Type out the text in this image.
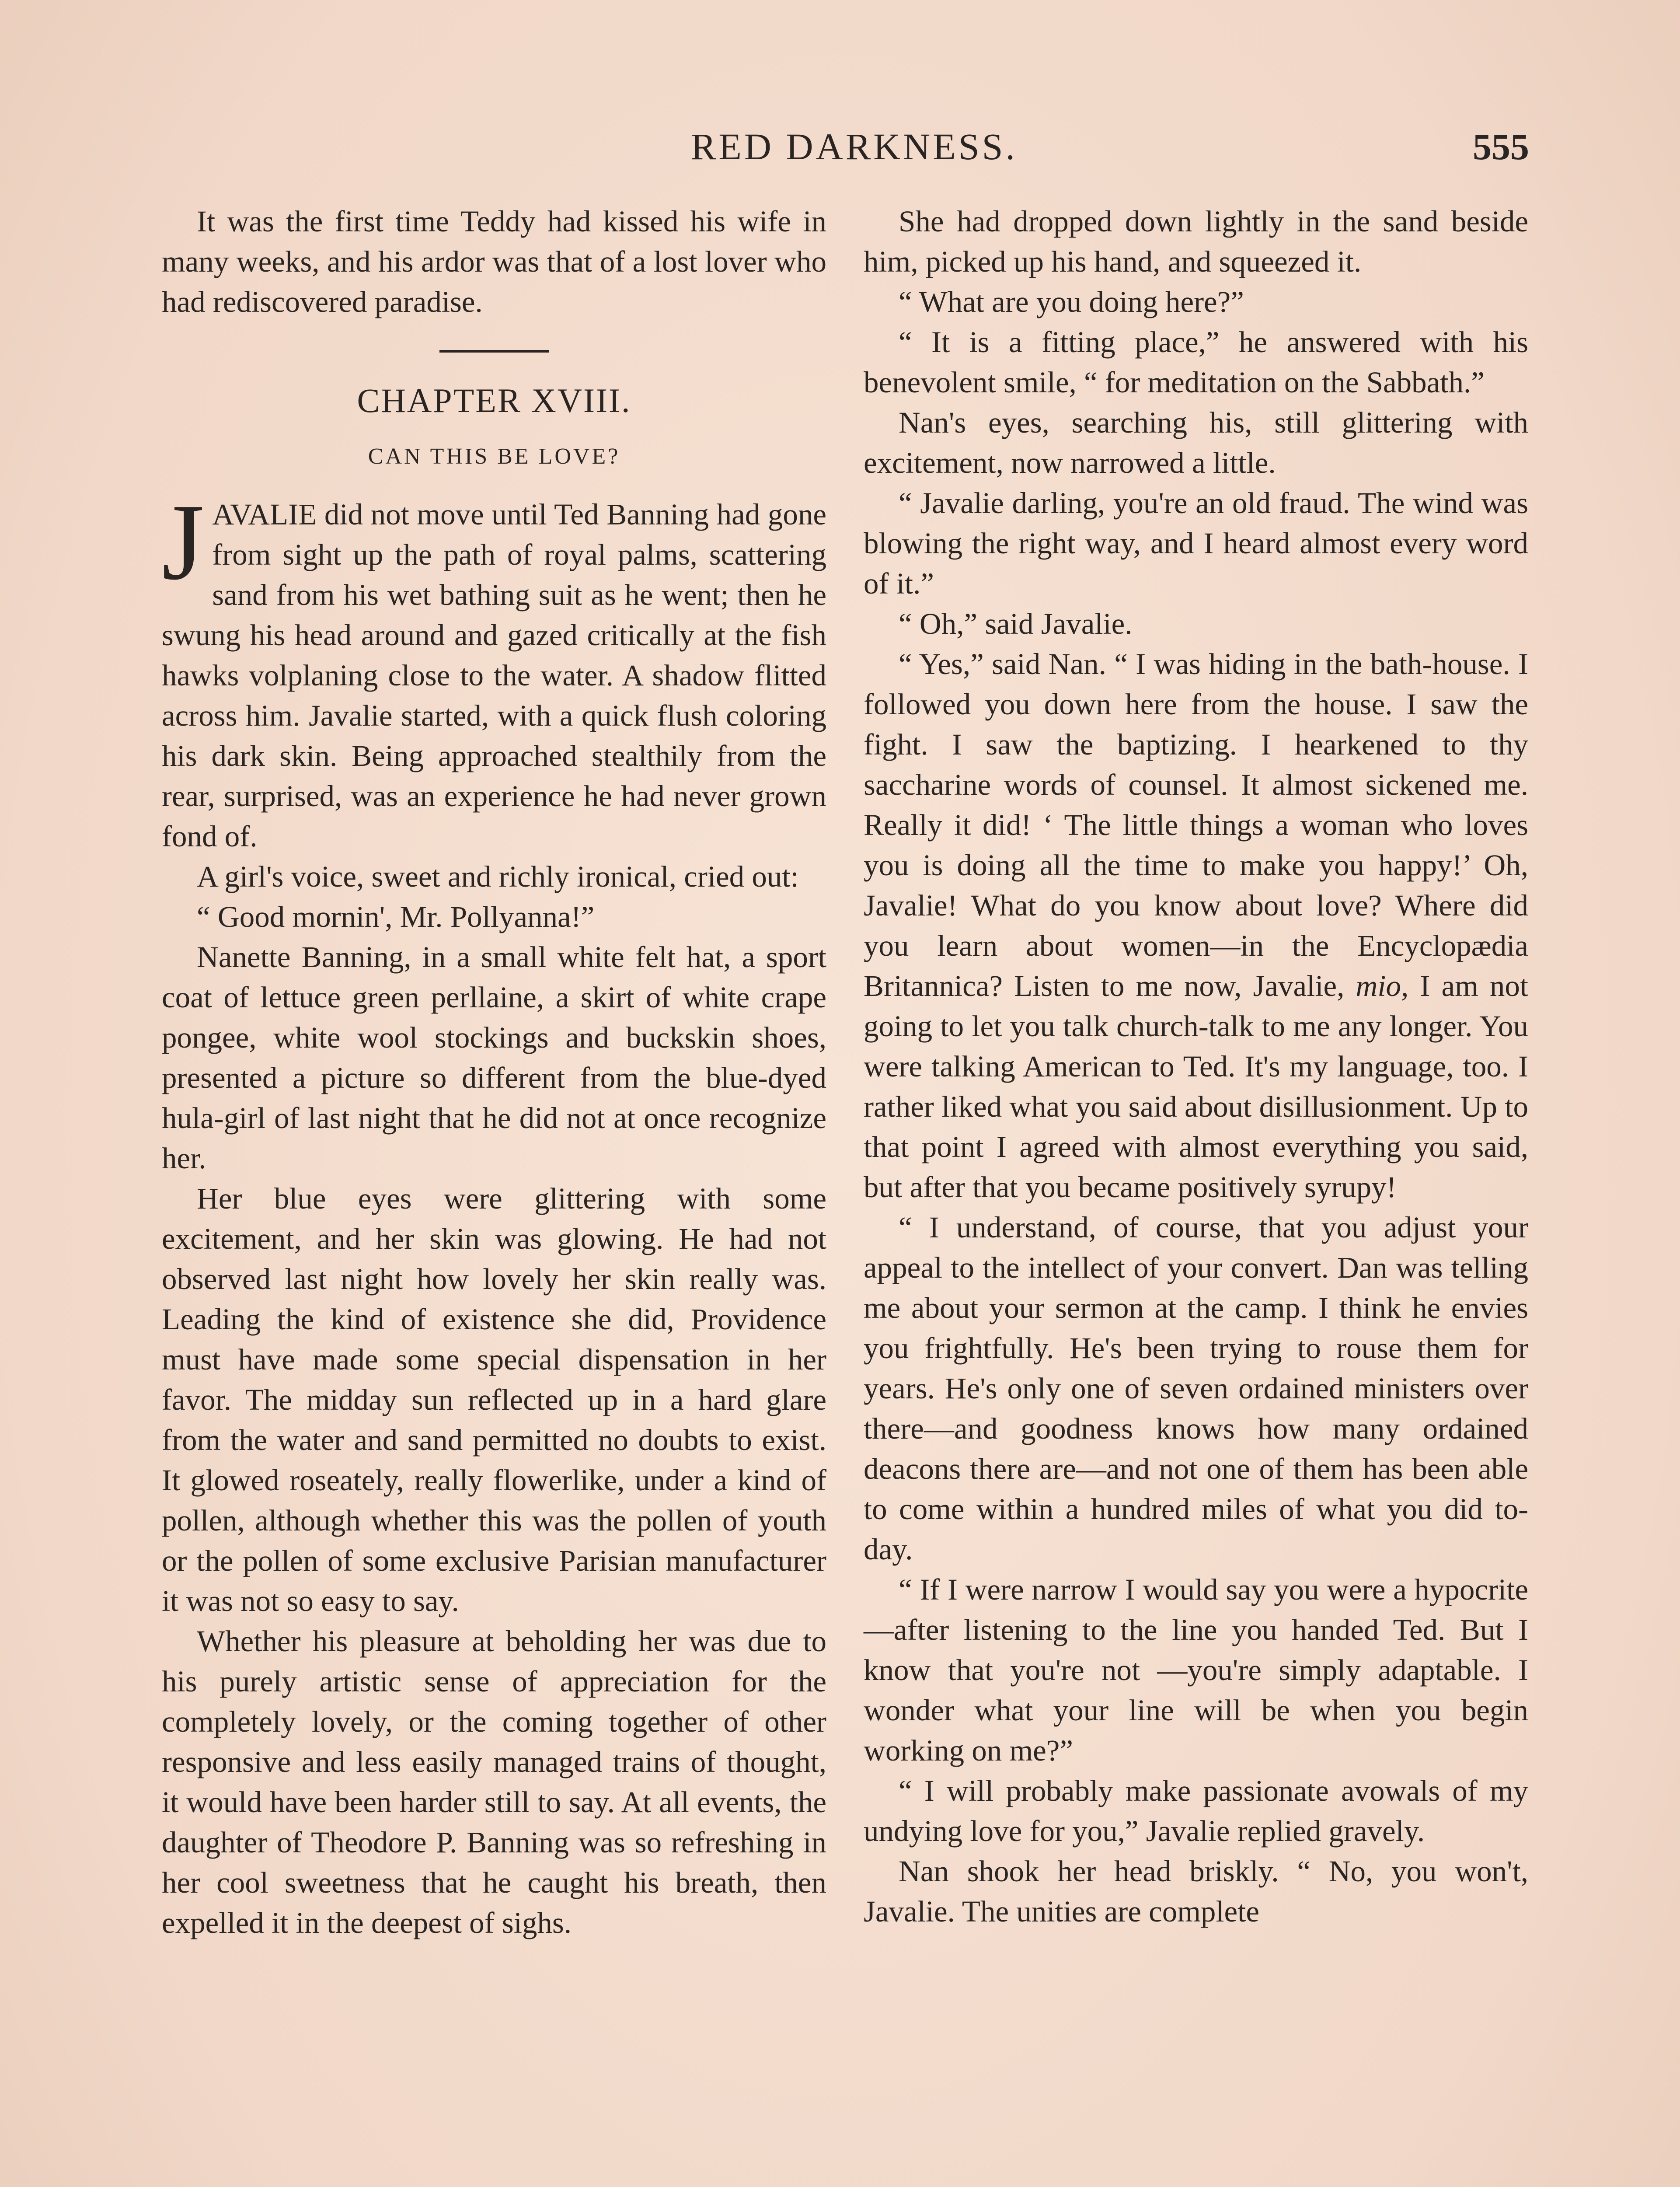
RED DARKNESS.	555

It was the first time Teddy had kissed his wife in many weeks, and his ardor was that of a lost lover who had rediscovered paradise.

CHAPTER XVIII.
CAN THIS BE LOVE?

JAVALIE did not move until Ted Banning had gone from sight up the path of royal palms, scattering sand from his wet bathing suit as he went; then he swung his head around and gazed critically at the fish hawks volplaning close to the water. A shadow flitted across him. Javalie started, with a quick flush coloring his dark skin. Being approached stealthily from the rear, surprised, was an experience he had never grown fond of.

A girl's voice, sweet and richly ironical, cried out:

“ Good mornin', Mr. Pollyanna!”

Nanette Banning, in a small white felt hat, a sport coat of lettuce green perllaine, a skirt of white crape pongee, white wool stockings and buckskin shoes, presented a picture so different from the blue-dyed hula-girl of last night that he did not at once recognize her.

Her blue eyes were glittering with some excitement, and her skin was glowing. He had not observed last night how lovely her skin really was. Leading the kind of existence she did, Providence must have made some special dispensation in her favor. The midday sun reflected up in a hard glare from the water and sand permitted no doubts to exist. It glowed roseately, really flowerlike, under a kind of pollen, although whether this was the pollen of youth or the pollen of some exclusive Parisian manufacturer it was not so easy to say.

Whether his pleasure at beholding her was due to his purely artistic sense of appreciation for the completely lovely, or the coming together of other responsive and less easily managed trains of thought, it would have been harder still to say. At all events, the daughter of Theodore P. Banning was so refreshing in her cool sweetness that he caught his breath, then expelled it in the deepest of sighs.

She had dropped down lightly in the sand beside him, picked up his hand, and squeezed it.

“ What are you doing here?”

“ It is a fitting place,” he answered with his benevolent smile, “ for meditation on the Sabbath.”

Nan's eyes, searching his, still glittering with excitement, now narrowed a little.

“ Javalie darling, you're an old fraud. The wind was blowing the right way, and I heard almost every word of it.”

“ Oh,” said Javalie.

“ Yes,” said Nan. “ I was hiding in the bath-house. I followed you down here from the house. I saw the fight. I saw the baptizing. I hearkened to thy saccharine words of counsel. It almost sickened me. Really it did! ‘ The little things a woman who loves you is doing all the time to make you happy!’ Oh, Javalie! What do you know about love? Where did you learn about women—in the Encyclopædia Britannica? Listen to me now, Javalie, mio, I am not going to let you talk church-talk to me any longer. You were talking American to Ted. It's my language, too. I rather liked what you said about disillusionment. Up to that point I agreed with almost everything you said, but after that you became positively syrupy!

“ I understand, of course, that you adjust your appeal to the intellect of your convert. Dan was telling me about your sermon at the camp. I think he envies you frightfully. He's been trying to rouse them for years. He's only one of seven ordained ministers over there—and goodness knows how many ordained deacons there are—and not one of them has been able to come within a hundred miles of what you did to-day.

“ If I were narrow I would say you were a hypocrite—after listening to the line you handed Ted. But I know that you're not —you're simply adaptable. I wonder what your line will be when you begin working on me?”

“ I will probably make passionate avowals of my undying love for you,” Javalie replied gravely.

Nan shook her head briskly. “ No, you won't, Javalie. The unities are complete
